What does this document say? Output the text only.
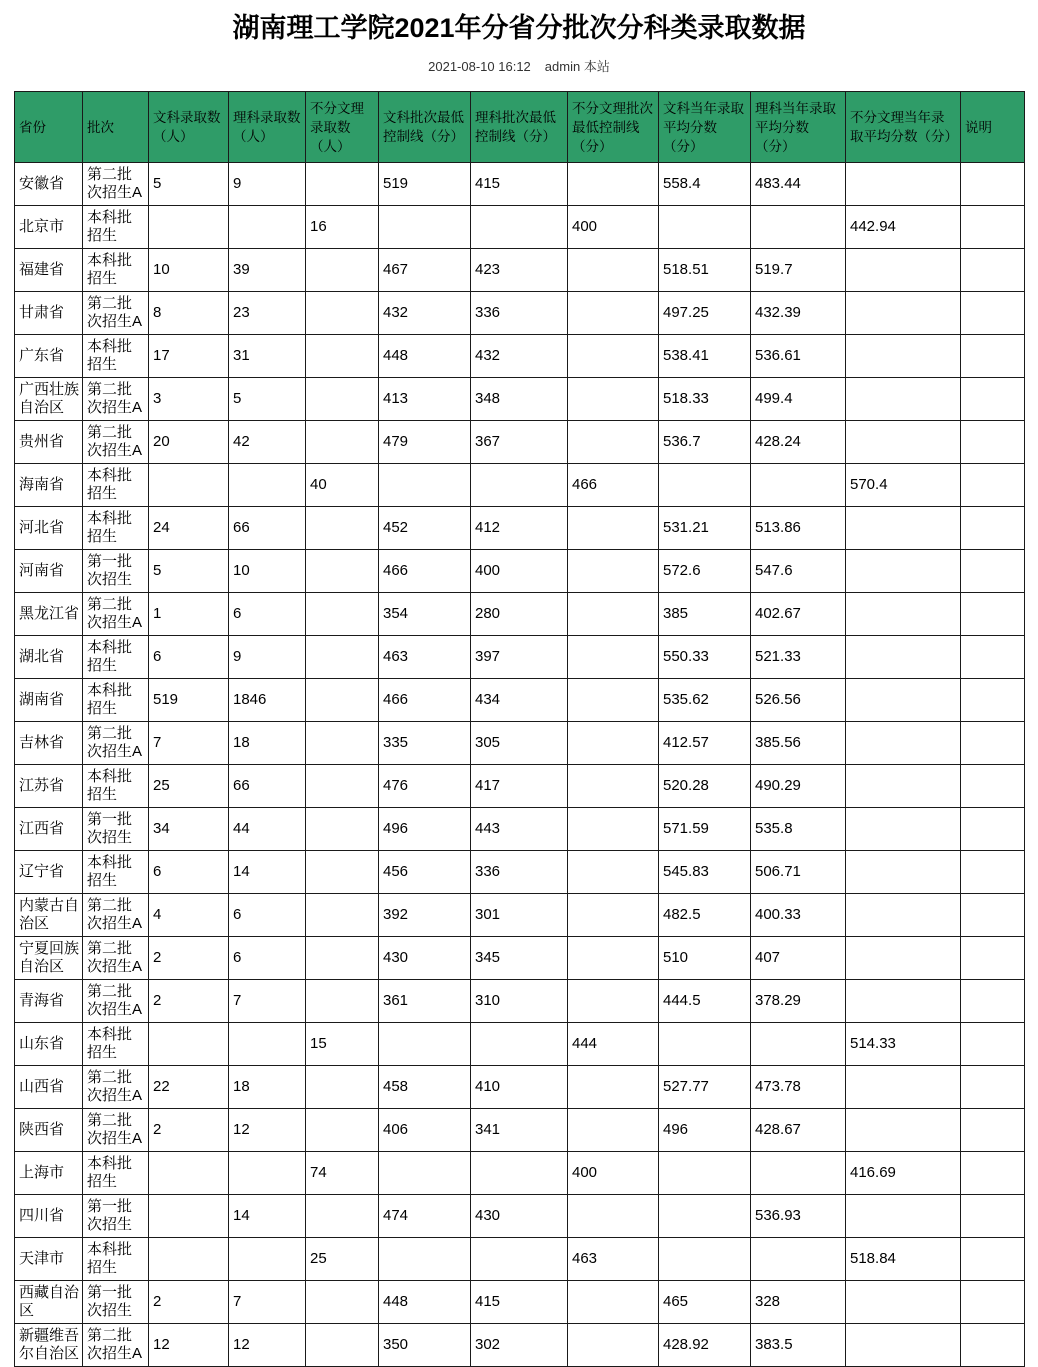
湖南理工学院2021年分省分批次分科类录取数据
2021-08-10 16:12 admin 本站
省份	批次	文科录取数（人）	理科录取数（人）	不分文理录取数（人）	文科批次最低控制线（分）	理科批次最低控制线（分）	不分文理批次最低控制线（分）	文科当年录取平均分数（分）	理科当年录取平均分数（分）	不分文理当年录取平均分数（分）	说明
安徽省	第二批次招生A	5	9		519	415		558.4	483.44		
北京市	本科批招生			16			400			442.94	
福建省	本科批招生	10	39		467	423		518.51	519.7		
甘肃省	第二批次招生A	8	23		432	336		497.25	432.39		
广东省	本科批招生	17	31		448	432		538.41	536.61		
广西壮族自治区	第二批次招生A	3	5		413	348		518.33	499.4		
贵州省	第二批次招生A	20	42		479	367		536.7	428.24		
海南省	本科批招生			40			466			570.4	
河北省	本科批招生	24	66		452	412		531.21	513.86		
河南省	第一批次招生	5	10		466	400		572.6	547.6		
黑龙江省	第二批次招生A	1	6		354	280		385	402.67		
湖北省	本科批招生	6	9		463	397		550.33	521.33		
湖南省	本科批招生	519	1846		466	434		535.62	526.56		
吉林省	第二批次招生A	7	18		335	305		412.57	385.56		
江苏省	本科批招生	25	66		476	417		520.28	490.29		
江西省	第一批次招生	34	44		496	443		571.59	535.8		
辽宁省	本科批招生	6	14		456	336		545.83	506.71		
内蒙古自治区	第二批次招生A	4	6		392	301		482.5	400.33		
宁夏回族自治区	第二批次招生A	2	6		430	345		510	407		
青海省	第二批次招生A	2	7		361	310		444.5	378.29		
山东省	本科批招生			15			444			514.33	
山西省	第二批次招生A	22	18		458	410		527.77	473.78		
陕西省	第二批次招生A	2	12		406	341		496	428.67		
上海市	本科批招生			74			400			416.69	
四川省	第一批次招生		14		474	430			536.93		
天津市	本科批招生			25			463			518.84	
西藏自治区	第一批次招生	2	7		448	415		465	328		
新疆维吾尔自治区	第二批次招生A	12	12		350	302		428.92	383.5		
